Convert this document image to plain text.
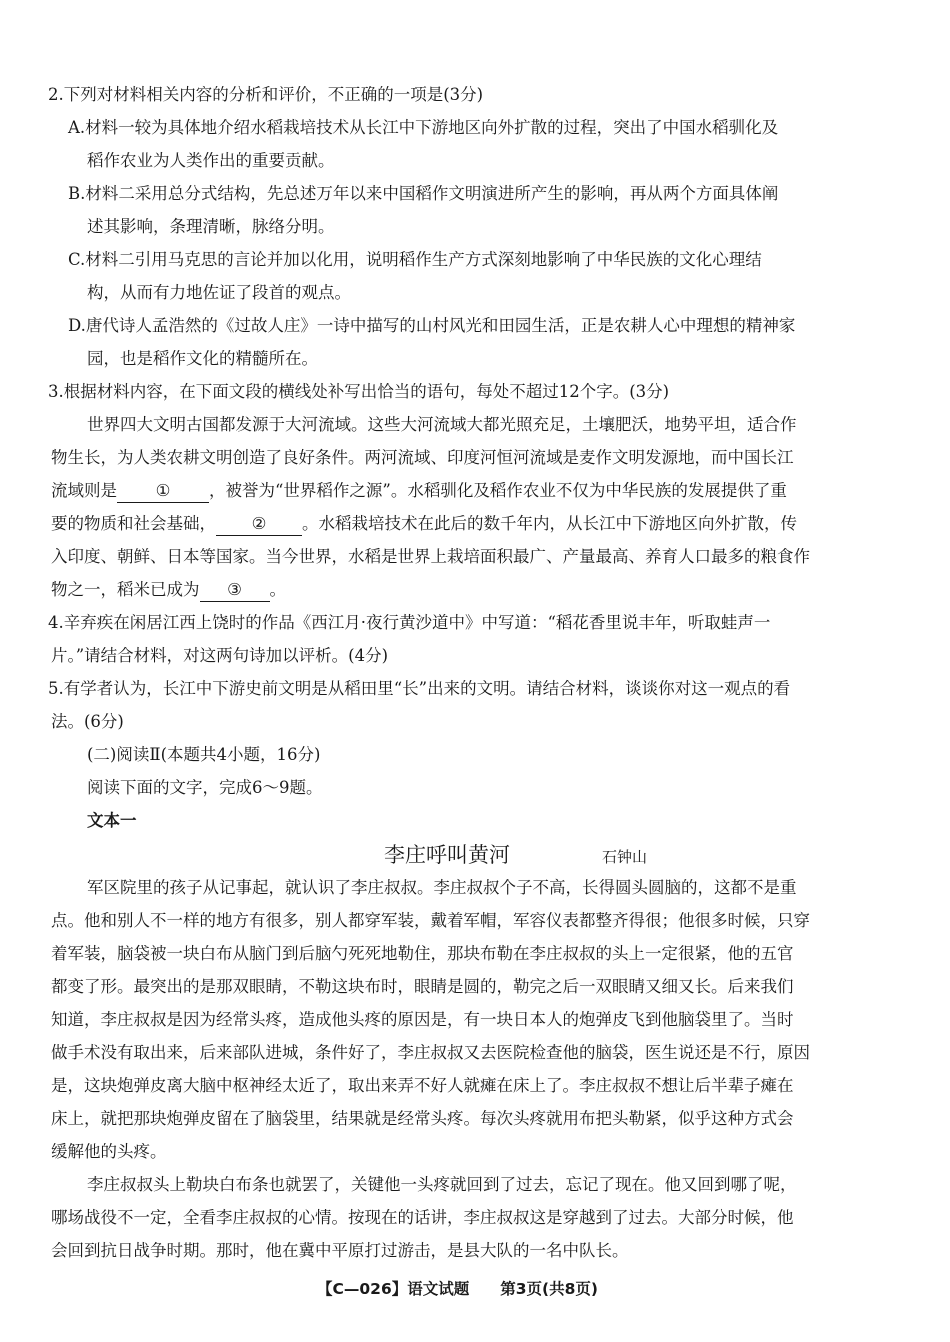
2.下列对材料相关内容的分析和评价，不正确的一项是(3分)
A.材料一较为具体地介绍水稻栽培技术从长江中下游地区向外扩散的过程，突出了中国水稻驯化及
稻作农业为人类作出的重要贡献。
B.材料二采用总分式结构，先总述万年以来中国稻作文明演进所产生的影响，再从两个方面具体阐
述其影响，条理清晰，脉络分明。
C.材料二引用马克思的言论并加以化用，说明稻作生产方式深刻地影响了中华民族的文化心理结
构，从而有力地佐证了段首的观点。
D.唐代诗人孟浩然的《过故人庄》一诗中描写的山村风光和田园生活，正是农耕人心中理想的精神家
园，也是稻作文化的精髓所在。
3.根据材料内容，在下面文段的横线处补写出恰当的语句，每处不超过12个字。(3分)
世界四大文明古国都发源于大河流域。这些大河流域大都光照充足，土壤肥沃，地势平坦，适合作
物生长，为人类农耕文明创造了良好条件。两河流域、印度河恒河流域是麦作文明发源地，而中国长江
流域则是 ① ，被誉为“世界稻作之源”。水稻驯化及稻作农业不仅为中华民族的发展提供了重
要的物质和社会基础， ② 。水稻栽培技术在此后的数千年内，从长江中下游地区向外扩散，传
入印度、朝鲜、日本等国家。当今世界，水稻是世界上栽培面积最广、产量最高、养育人口最多的粮食作
物之一，稻米已成为 ③ 。
4.辛弃疾在闲居江西上饶时的作品《西江月·夜行黄沙道中》中写道：“稻花香里说丰年，听取蛙声一
片。”请结合材料，对这两句诗加以评析。(4分)
5.有学者认为，长江中下游史前文明是从稻田里“长”出来的文明。请结合材料，谈谈你对这一观点的看
法。(6分)
(二)阅读Ⅱ(本题共4小题，16分)
阅读下面的文字，完成6～9题。
文本一
李庄呼叫黄河	石钟山
军区院里的孩子从记事起，就认识了李庄叔叔。李庄叔叔个子不高，长得圆头圆脑的，这都不是重
点。他和别人不一样的地方有很多，别人都穿军装，戴着军帽，军容仪表都整齐得很；他很多时候，只穿
着军装，脑袋被一块白布从脑门到后脑勺死死地勒住，那块布勒在李庄叔叔的头上一定很紧，他的五官
都变了形。最突出的是那双眼睛，不勒这块布时，眼睛是圆的，勒完之后一双眼睛又细又长。后来我们
知道，李庄叔叔是因为经常头疼，造成他头疼的原因是，有一块日本人的炮弹皮飞到他脑袋里了。当时
做手术没有取出来，后来部队进城，条件好了，李庄叔叔又去医院检查他的脑袋，医生说还是不行，原因
是，这块炮弹皮离大脑中枢神经太近了，取出来弄不好人就瘫在床上了。李庄叔叔不想让后半辈子瘫在
床上，就把那块炮弹皮留在了脑袋里，结果就是经常头疼。每次头疼就用布把头勒紧，似乎这种方式会
缓解他的头疼。
李庄叔叔头上勒块白布条也就罢了，关键他一头疼就回到了过去，忘记了现在。他又回到哪了呢，
哪场战役不一定，全看李庄叔叔的心情。按现在的话讲，李庄叔叔这是穿越到了过去。大部分时候，他
会回到抗日战争时期。那时，他在冀中平原打过游击，是县大队的一名中队长。
【C—026】语文试题　　第3页(共8页)
